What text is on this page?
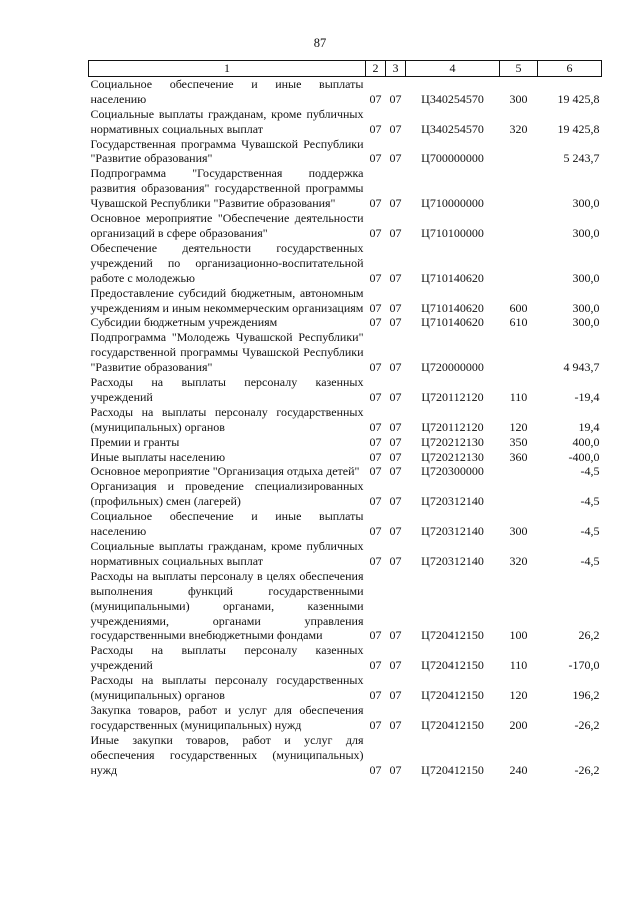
87
1	2	3	4	5	6
Социальное обеспечение и иные выплаты населению	07	07	Ц340254570	300	19 425,8
Социальные выплаты гражданам, кроме публичных нормативных социальных выплат	07	07	Ц340254570	320	19 425,8
Государственная программа Чувашской Республики "Развитие образования"	07	07	Ц700000000		5 243,7
Подпрограмма "Государственная поддержка развития образования" государственной программы Чувашской Республики "Развитие образования"	07	07	Ц710000000		300,0
Основное мероприятие "Обеспечение деятельности организаций в сфере образования"	07	07	Ц710100000		300,0
Обеспечение деятельности государственных учреждений по организационно-воспитательной работе с молодежью	07	07	Ц710140620		300,0
Предоставление субсидий бюджетным, автономным учреждениям и иным некоммерческим организациям	07	07	Ц710140620	600	300,0
Субсидии бюджетным учреждениям	07	07	Ц710140620	610	300,0
Подпрограмма "Молодежь Чувашской Республики" государственной программы Чувашской Республики "Развитие образования"	07	07	Ц720000000		4 943,7
Расходы на выплаты персоналу казенных учреждений	07	07	Ц720112120	110	-19,4
Расходы на выплаты персоналу государственных (муниципальных) органов	07	07	Ц720112120	120	19,4
Премии и гранты	07	07	Ц720212130	350	400,0
Иные выплаты населению	07	07	Ц720212130	360	-400,0
Основное мероприятие "Организация отдыха детей"	07	07	Ц720300000		-4,5
Организация и проведение специализированных (профильных) смен (лагерей)	07	07	Ц720312140		-4,5
Социальное обеспечение и иные выплаты населению	07	07	Ц720312140	300	-4,5
Социальные выплаты гражданам, кроме публичных нормативных социальных выплат	07	07	Ц720312140	320	-4,5
Расходы на выплаты персоналу в целях обеспечения выполнения функций государственными (муниципальными) органами, казенными учреждениями, органами управления государственными внебюджетными фондами	07	07	Ц720412150	100	26,2
Расходы на выплаты персоналу казенных учреждений	07	07	Ц720412150	110	-170,0
Расходы на выплаты персоналу государственных (муниципальных) органов	07	07	Ц720412150	120	196,2
Закупка товаров, работ и услуг для обеспечения государственных (муниципальных) нужд	07	07	Ц720412150	200	-26,2
Иные закупки товаров, работ и услуг для обеспечения государственных (муниципальных) нужд	07	07	Ц720412150	240	-26,2
